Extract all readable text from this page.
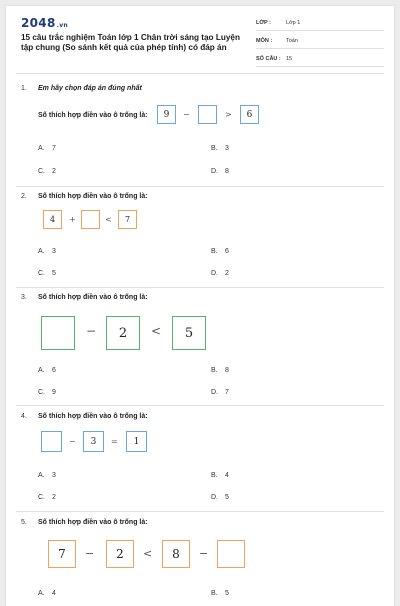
2048.vn
15 câu trắc nghiệm Toán lớp 1 Chân trời sáng tạo Luyện tập chung (So sánh kết quả của phép tính) có đáp án
LỚP :	Lớp 1
MÔN :	Toán
SỐ CÂU : 15
1. Em hãy chọn đáp án đúng nhất
Số thích hợp điền vào ô trống là:	9	−	>	6
A. 7	B. 3
C. 2	D. 8
2. Số thích hợp điền vào ô trống là:
4	+	<	7
A. 3	B. 6
C. 5	D. 2
3. Số thích hợp điền vào ô trống là:
−	2	<	5
A. 6	B. 8
C. 9	D. 7
4. Số thích hợp điền vào ô trống là:
−	3	=	1
A. 3	B. 4
C. 2	D. 5
5. Số thích hợp điền vào ô trống là:
7	−	2	<	8	−
A. 4	B. 5
